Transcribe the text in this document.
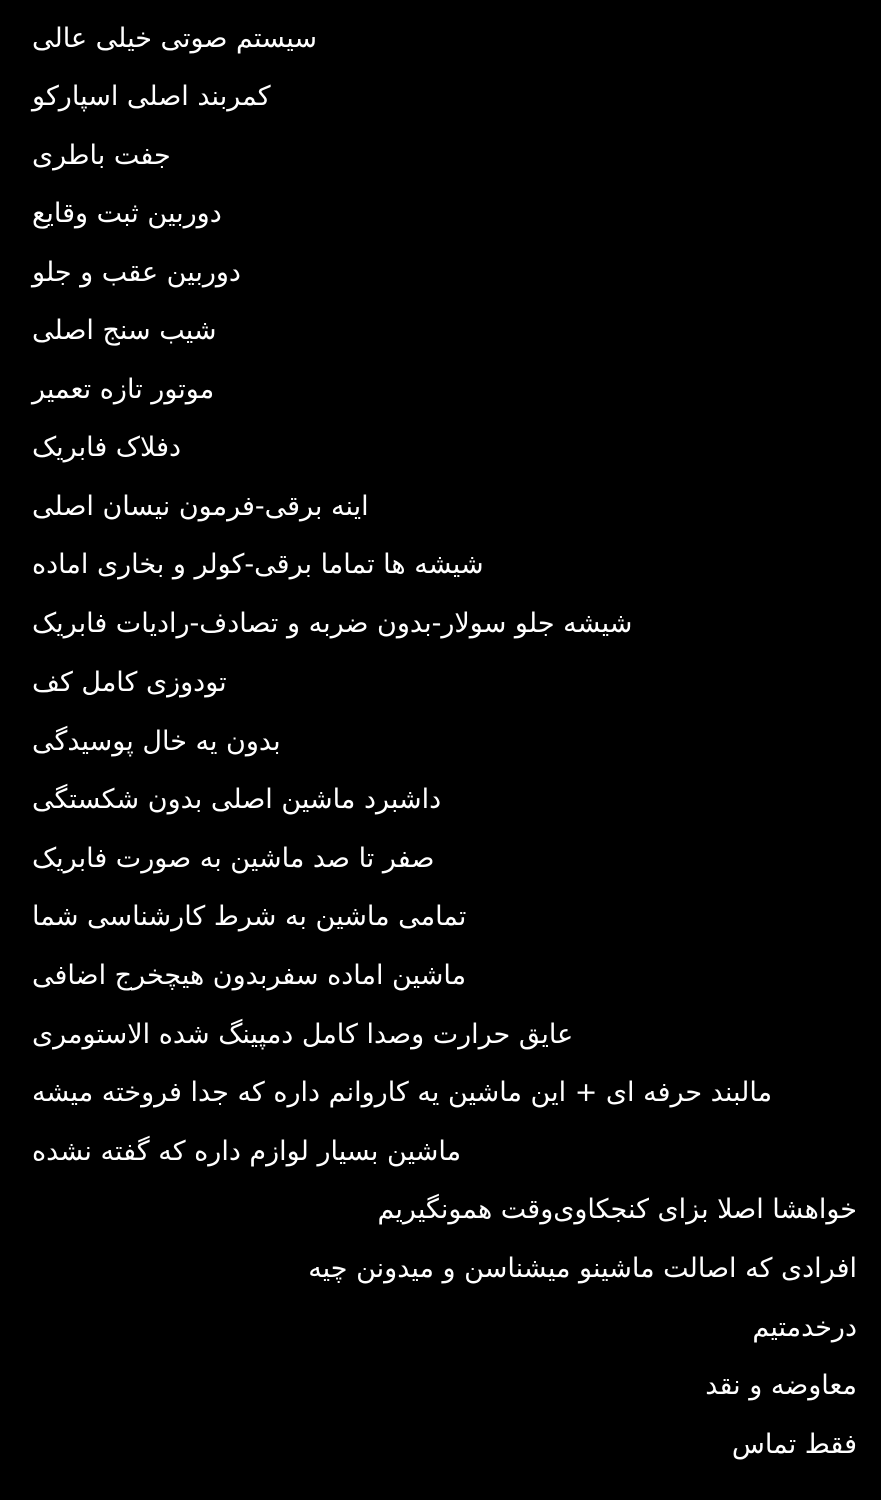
سیستم صوتی خیلی عالی
کمربند اصلی اسپارکو
جفت باطری
دوربین ثبت وقایع
دوربین عقب و جلو
شیب سنج اصلی
موتور تازه تعمیر
دفلاک فابریک
اینه برقی-فرمون نیسان اصلی
شیشه ها تماما برقی-کولر و بخاری اماده
شیشه جلو سولار-بدون ضربه و تصادف-رادیات فابریک
تودوزی کامل کف
بدون یه خال پوسیدگی
داشبرد ماشین اصلی بدون شکستگی
صفر تا صد ماشین به صورت فابریک
تمامی ماشین به شرط کارشناسی شما
ماشین اماده سفربدون هیچخرج اضافی
عایق حرارت وصدا کامل دمپینگ شده الاستومری
مالبند حرفه ای + این ماشین یه کاروانم داره که جدا فروخته میشه
ماشین بسیار لوازم داره که گفته نشده
خواهشا اصلا بزای کنجکاوی‌وقت همونگیریم
افرادی که اصالت ماشینو میشناسن و میدونن چیه
درخدمتیم
معاوضه و نقد
فقط تماس
